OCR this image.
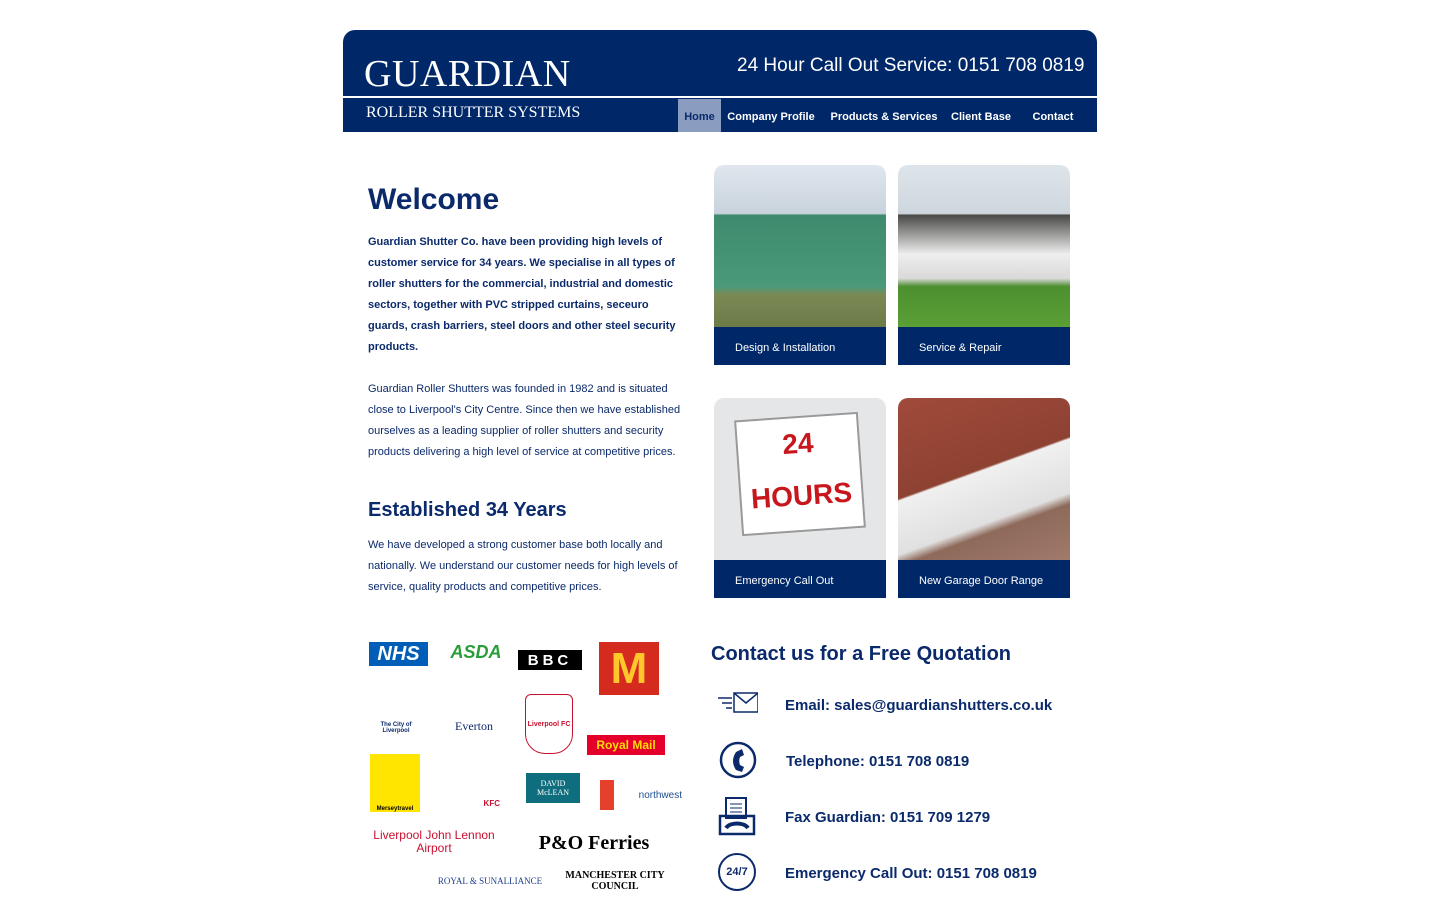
GUARDIAN
ROLLER SHUTTER SYSTEMS
24 Hour Call Out Service: 0151 708 0819
Home	Company Profile	Products & Services	Client Base	Contact
Welcome
Guardian Shutter Co. have been providing high levels of customer service for 34 years. We specialise in all types of roller shutters for the commercial, industrial and domestic sectors, together with PVC stripped curtains, seceuro guards, crash barriers, steel doors and other steel security products.
Guardian Roller Shutters was founded in 1982 and is situated close to Liverpool's City Centre. Since then we have established ourselves as a leading supplier of roller shutters and security products delivering a high level of service at competitive prices.
Established 34 Years
We have developed a strong customer base both locally and nationally. We understand our customer needs for high levels of service, quality products and competitive prices.
Design & Installation	Service & Repair
24 HOURS
Emergency Call Out	New Garage Door Range
NHS	ASDA	BBC M
The City of Liverpool	Everton	Liverpool FC
Royal Mail
Merseytravel
KFC
DAVID McLEAN	northwest
Liverpool John Lennon Airport	P&O Ferries
ROYAL & SUNALLIANCE	MANCHESTER CITY COUNCIL
Contact us for a Free Quotation
Email: sales@guardianshutters.co.uk
Telephone: 0151 708 0819
Fax Guardian: 0151 709 1279
24/7	Emergency Call Out: 0151 708 0819
